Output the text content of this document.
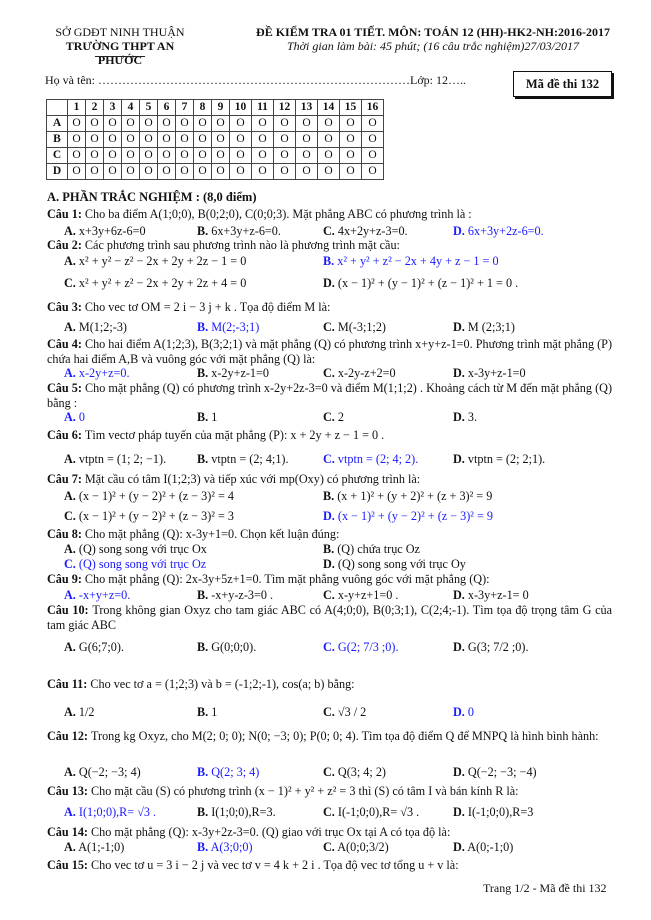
SỞ GDĐT NINH THUẬN
TRƯỜNG THPT AN PHƯỚC
ĐỀ KIỂM TRA 01 TIẾT. MÔN: TOÁN 12 (HH)-HK2-NH:2016-2017
Thời gian làm bài: 45 phút; (16 câu trắc nghiệm)27/03/2017
Họ và tên: ……………………………………………………………………Lớp: 12…..	Mã đề thi 132
	1	2	3	4	5	6	7	8	9	10	11	12	13	14	15	16
A	O	O	O	O	O	O	O	O	O	O	O	O	O	O	O	O
B	O	O	O	O	O	O	O	O	O	O	O	O	O	O	O	O
C	O	O	O	O	O	O	O	O	O	O	O	O	O	O	O	O
D	O	O	O	O	O	O	O	O	O	O	O	O	O	O	O	O
A. PHẦN TRẮC NGHIỆM : (8,0 điểm)
Câu 1: Cho ba điểm A(1;0;0), B(0;2;0), C(0;0;3). Mặt phẳng ABC có phương trình là :
A. x+3y+6z-6=0	B. 6x+3y+z-6=0.	C. 4x+2y+z-3=0.	D. 6x+3y+2z-6=0.
Câu 2: Các phương trình sau phương trình nào là phương trình mặt cầu:
A. x² + y² − z² − 2x + 2y + 2z − 1 = 0	B. x² + y² + z² − 2x + 4y + z − 1 = 0
C. x² + y² + z² − 2x + 2y + 2z + 4 = 0	D. (x − 1)² + (y − 1)² + (z − 1)² + 1 = 0 .
Câu 3: Cho vec tơ OM = 2 i − 3 j + k . Tọa độ điểm M là:
A. M(1;2;-3)	B. M(2;-3;1)	C. M(-3;1;2)	D. M (2;3;1)
Câu 4: Cho hai điểm A(1;2;3), B(3;2;1) và mặt phẳng (Q) có phương trình x+y+z-1=0. Phương trình mặt phẳng (P) chứa hai điểm A,B và vuông góc với mặt phẳng (Q) là:
A. x-2y+z=0.	B. x-2y+z-1=0	C. x-2y-z+2=0	D. x-3y+z-1=0
Câu 5: Cho mặt phẳng (Q) có phương trình x-2y+2z-3=0 và điểm M(1;1;2) . Khoảng cách từ M đến mặt phẳng (Q) bằng :
A. 0	B. 1	C. 2	D. 3.
Câu 6: Tìm vectơ pháp tuyến của mặt phẳng (P): x + 2y + z − 1 = 0 .
A. vtptn = (1; 2; −1).	B. vtptn = (2; 4;1).	C. vtptn = (2; 4; 2).	D. vtptn = (2; 2;1).
Câu 7: Mặt cầu có tâm I(1;2;3) và tiếp xúc với mp(Oxy) có phương trình là:
A. (x − 1)² + (y − 2)² + (z − 3)² = 4	B. (x + 1)² + (y + 2)² + (z + 3)² = 9
C. (x − 1)² + (y − 2)² + (z − 3)² = 3	D. (x − 1)² + (y − 2)² + (z − 3)² = 9
Câu 8: Cho mặt phẳng (Q): x-3y+1=0. Chọn kết luận đúng:
A. (Q) song song với trục Ox	B. (Q) chứa trục Oz
C. (Q) song song với trục Oz	D. (Q) song song với trục Oy
Câu 9: Cho mặt phẳng (Q): 2x-3y+5z+1=0. Tìm mặt phẳng vuông góc với mặt phẳng (Q):
A. -x+y+z=0.	B. -x+y-z-3=0 .	C. x-y+z+1=0 .	D. x-3y+z-1= 0
Câu 10: Trong không gian Oxyz cho tam giác ABC có A(4;0;0), B(0;3;1), C(2;4;-1). Tìm tọa độ trọng tâm G của tam giác ABC
A. G(6;7;0).	B. G(0;0;0).	C. G(2; 7/3 ;0).	D. G(3; 7/2 ;0).
Câu 11: Cho vec tơ a = (1;2;3) và b = (-1;2;-1), cos(a; b) bằng:
A. 1/2	B. 1	C. √3 / 2	D. 0
Câu 12: Trong kg Oxyz, cho M(2; 0; 0); N(0; −3; 0); P(0; 0; 4). Tìm tọa độ điểm Q để MNPQ là hình bình hành:
A. Q(−2; −3; 4)	B. Q(2; 3; 4)	C. Q(3; 4; 2)	D. Q(−2; −3; −4)
Câu 13: Cho mặt cầu (S) có phương trình (x − 1)² + y² + z² = 3 thì (S) có tâm I và bán kính R là:
A. I(1;0;0),R= √3 .	B. I(1;0;0),R=3.	C. I(-1;0;0),R= √3 .	D. I(-1;0;0),R=3
Câu 14: Cho mặt phẳng (Q): x-3y+2z-3=0. (Q) giao với trục Ox tại A có tọa độ là:
A. A(1;-1;0)	B. A(3;0;0)	C. A(0;0;3/2)	D. A(0;-1;0)
Câu 15: Cho vec tơ u = 3 i − 2 j và vec tơ v = 4 k + 2 i . Tọa độ vec tơ tổng u + v là:
Trang 1/2 - Mã đề thi 132
